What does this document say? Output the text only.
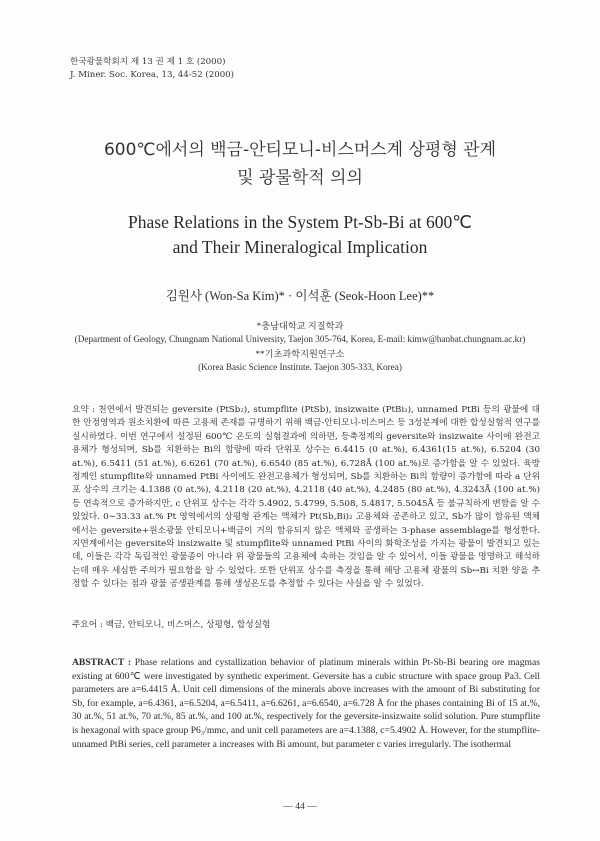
한국광물학회지 제 13 권 제 1 호 (2000)
J. Miner. Soc. Korea, 13, 44-52 (2000)
600℃에서의 백금-안티모니-비스머스계 상평형 관계
및 광물학적 의의
Phase Relations in the System Pt-Sb-Bi at 600℃
and Their Mineralogical Implication
김원사 (Won-Sa Kim)* · 이석훈 (Seok-Hoon Lee)**
*충남대학교 지질학과
(Department of Geology, Chungnam National University, Taejon 305-764, Korea, E-mail: kimw@hanbat.chungnam.ac.kr)
**기초과학지원연구소
(Korea Basic Science Institute. Taejon 305-333, Korea)
요약 : 천연에서 발견되는 geversite (PtSb₂), stumpflite (PtSb), insizwaite (PtBi₂), unnamed PtBi 등의 광물에 대한 안정영역과 원소치환에 따른 고용체 존재를 규명하기 위해 백금-안티모니-비스머스 등 3성분계에 대한 합성실험적 연구를 실시하였다. 이번 연구에서 설정된 600℃ 온도의 실험결과에 의하면, 등축정계의 geversite와 insizwaite 사이에 완전고용체가 형성되며, Sb를 치환하는 Bi의 함량에 따라 단위포 상수는 6.4415 (0 at.%), 6.4361(15 at.%), 6.5204 (30 at.%), 6.5411 (51 at.%), 6.6261 (70 at.%), 6.6540 (85 at.%), 6.728Å (100 at.%)로 증가함을 알 수 있었다. 육방정계인 stumpflite와 unnamed PtBi 사이에도 완전고용체가 형성되며, Sb를 치환하는 Bi의 함량이 증가함에 따라 a 단위포 상수의 크기는 4.1388 (0 at.%), 4.2118 (20 at.%), 4.2118 (40 at.%), 4.2485 (80 at.%), 4.3243Å (100 at.%) 등 연속적으로 증가하지만, c 단위포 상수는 각각 5.4902, 5.4799, 5.508, 5.4817, 5.5045Å 등 불규칙하게 변함을 알 수 있었다. 0∼33.33 at.% Pt 영역에서의 상평형 관계는 액체가 Pt(Sb,Bi)₂ 고용체와 공존하고 있고, Sb가 많이 함유된 액체에서는 geversite+원소광물 안티모니+백금이 거의 함유되지 않은 액체와 공생하는 3-phase assemblage를 형성한다. 지연계에서는 geversite와 insizwaite 및 stumpflite와 unnamed PtBi 사이의 화학조성을 가지는 광물이 발견되고 있는데, 이들은 각각 독립적인 광물종이 아니라 위 광물들의 고용체에 속하는 것임을 알 수 있어서, 이들 광물을 명명하고 해석하는데 매우 세심한 주의가 필요함을 알 수 있었다. 또한 단위포 상수를 측정을 통해 해당 고용체 광물의 Sb↔Bi 치환 양을 추정할 수 있다는 점과 광물 공생관계를 통해 생성온도를 추정할 수 있다는 사실을 알 수 있었다.
주요어 : 백금, 안티모니, 비스머스, 상평형, 합성실험
ABSTRACT : Phase relations and cystallization behavior of platinum minerals within Pt-Sb-Bi bearing ore magmas existing at 600℃ were investigated by synthetic experiment. Geversite has a cubic structure with space group Pa3. Cell parameters are a=6.4415 Å. Unit cell dimensions of the minerals above increases with the amount of Bi substituting for Sb, for example, a=6.4361, a=6.5204, a=6.5411, a=6.6261, a=6.6540, a=6.728 Å for the phases containing Bi of 15 at.%, 30 at.%, 51 at.%, 70 at.%, 85 at.%, and 100 at.%, respectively for the geversite-insizwaite solid solution. Pure stumpflite is hexagonal with space group P6₃/mmc, and unit cell parameters are a=4.1388, c=5.4902 Å. However, for the stumpflite-unnamed PtBi series, cell parameter a increases with Bi amount, but parameter c varies irregularly. The isothermal
— 44 —
